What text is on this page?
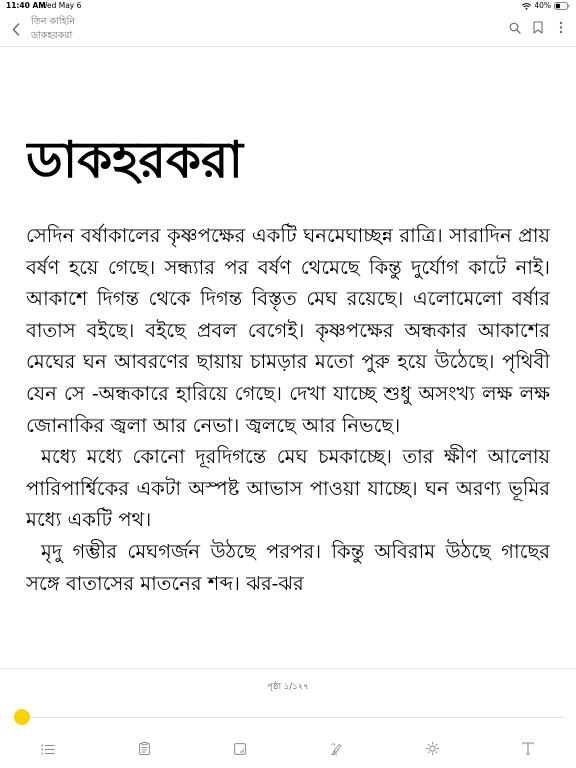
11:40 AM
Wed May 6	40%
তিন কাহিনি
ডাকহরকরা
ডাকহরকরা

সেদিন বর্ষাকালের কৃষ্ণপক্ষের একটি ঘনমেঘাচ্ছন্ন রাত্রি। সারাদিন প্রায় বর্ষণ হয়ে গেছে। সন্ধ্যার পর বর্ষণ থেমেছে কিন্তু দুর্যোগ কাটে নাই। আকাশে দিগন্ত থেকে দিগন্ত বিস্তৃত মেঘ রয়েছে। এলোমেলো বর্ষার বাতাস বইছে। বইছে প্রবল বেগেই। কৃষ্ণপক্ষের অন্ধকার আকাশের মেঘের ঘন আবরণের ছায়ায় চামড়ার মতো পুরু হয়ে উঠেছে। পৃথিবী যেন সে -অন্ধকারে হারিয়ে গেছে। দেখা যাচ্ছে শুধু অসংখ্য লক্ষ লক্ষ জোনাকির জ্বলা আর নেভা। জ্বলছে আর নিভছে।

মধ্যে মধ্যে কোনো দূরদিগন্তে মেঘ চমকাচ্ছে। তার ক্ষীণ আলোয় পারিপার্শ্বিকের একটা অস্পষ্ট আভাস পাওয়া যাচ্ছে। ঘন অরণ্য ভূমির মধ্যে একটি পথ।

মৃদু গম্ভীর মেঘগর্জন উঠছে পরপর। কিন্তু অবিরাম উঠছে গাছের সঙ্গে বাতাসের মাতনের শব্দ। ঝর-ঝর

পৃষ্ঠা ১/১২৭
